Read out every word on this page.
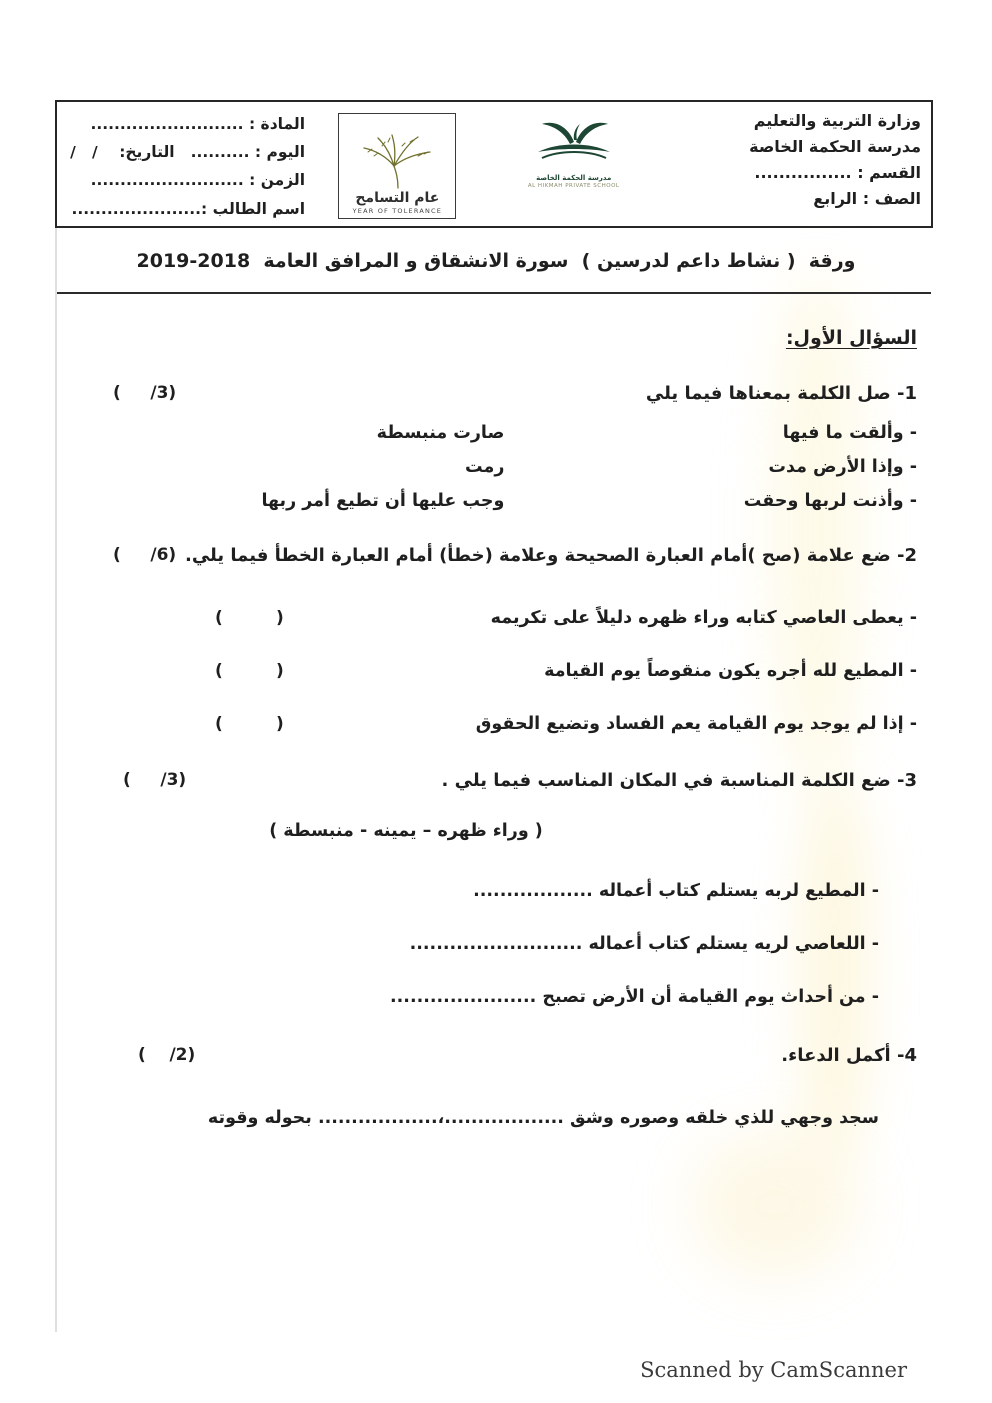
وزارة التربية والتعليم
مدرسة الحكمة الخاصة
القسم : ................
الصف : الرابع
مدرسة الحكمة الخاصة
AL HIKMAH PRIVATE SCHOOL
عام التسامح
YEAR OF TOLERANCE
المادة : ..........................
اليوم : ..........
التاريخ:    /   /
الزمن : ..........................
اسم الطالب :......................
ورقة  ( نشاط داعم لدرسين )  سورة الانشقاق و المرافق العامة  2018-2019
السؤال الأول:
1- صل الكلمة بمعناها فيما يلي
(     /3)
- وألقت ما فيها
- وإذا الأرض مدت
- وأذنت لربها وحقت
صارت منبسطة
رمت
وجب عليها أن تطيع أمر ربها
2- ضع علامة (صح )أمام العبارة الصحيحة وعلامة (خطأ) أمام العبارة الخطأ فيما يلي.
(     /6)
- يعطى العاصي كتابه وراء ظهره دليلاً على تكريمه
(         )
- المطيع لله أجره يكون منقوصاً يوم القيامة
(         )
- إذا لم يوجد يوم القيامة يعم الفساد وتضيع الحقوق
(         )
3- ضع الكلمة المناسبة في المكان المناسب فيما يلي .
(     /3)
( وراء ظهره – يمينه - منبسطة )
- المطيع لربه يستلم كتاب أعماله ..................
- اللعاصي لريه يستلم كتاب أعماله ..........................
- من أحداث يوم القيامة أن الأرض تصبح ......................
4- أكمل الدعاء.
(    /2)
سجد وجهي للذي خلقه وصوره وشق ..................،.................. بحوله وقوته
Scanned by CamScanner
